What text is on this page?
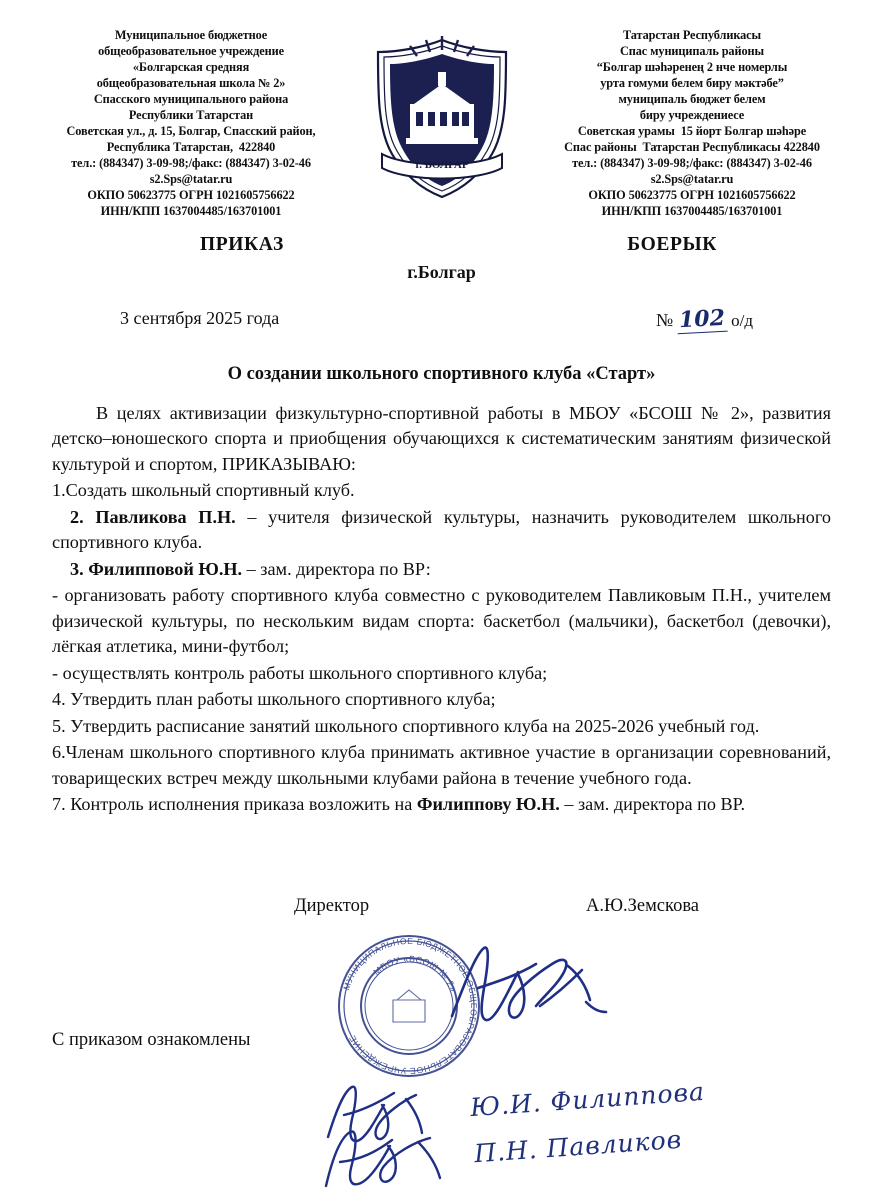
Муниципальное бюджетное
общеобразовательное учреждение
«Болгарская средняя
общеобразовательная школа № 2»
Спасского муниципального района
Республики Татарстан
Советская ул., д. 15, Болгар, Спасский район,
Республика Татарстан,  422840
тел.: (884347) 3-09-98;/факс: (884347) 3-02-46
s2.Sps@tatar.ru
ОКПО 50623775 ОГРН 1021605756622
ИНН/КПП 1637004485/163701001
г. БОЛГАР
Татарстан Республикасы
Спас муниципаль районы
“Болгар шәһәренең 2 нче номерлы
урта гомуми белем биру мәктәбе”
муниципаль бюджет белем
биру учреждениесе
Советская урамы  15 йорт Болгар шәһәре
Спас районы  Татарстан Республикасы 422840
тел.: (884347) 3-09-98;/факс: (884347) 3-02-46
s2.Sps@tatar.ru
ОКПО 50623775 ОГРН 1021605756622
ИНН/КПП 1637004485/163701001
ПРИКАЗ	БОЕРЫК
г.Болгар
3 сентября 2025 года	№ 102 о/д
О создании школьного спортивного клуба «Старт»

В целях активизации физкультурно-спортивной работы в МБОУ «БСОШ № 2», развития детско–юношеского спорта и приобщения обучающихся к систематическим занятиям физической культурой и спортом, ПРИКАЗЫВАЮ:

1.Создать школьный спортивный клуб.

2. Павликова П.Н. – учителя физической культуры, назначить руководителем школьного спортивного клуба.

3. Филипповой Ю.Н. – зам. директора по ВР:

- организовать работу спортивного клуба совместно с руководителем Павликовым П.Н., учителем физической культуры, по нескольким видам спорта: баскетбол (мальчики), баскетбол (девочки), лёгкая атлетика, мини-футбол;

- осуществлять контроль работы школьного спортивного клуба;

4. Утвердить план работы школьного спортивного клуба;

5. Утвердить расписание занятий школьного спортивного клуба на 2025-2026 учебный год.

6.Членам школьного спортивного клуба принимать активное участие в организации соревнований, товарищеских встреч между школьными клубами района в течение учебного года.

7. Контроль исполнения приказа возложить на Филиппову Ю.Н. – зам. директора по ВР.

Директор	А.Ю.Земскова
С приказом ознакомлены
МУНИЦИПАЛЬНОЕ БЮДЖЕТНОЕ ОБЩЕОБРАЗОВАТЕЛЬНОЕ УЧРЕЖДЕНИЕ
МБОУ «БСОШ № 2»
Ю.И. Филиппова
П.Н. Павликов
